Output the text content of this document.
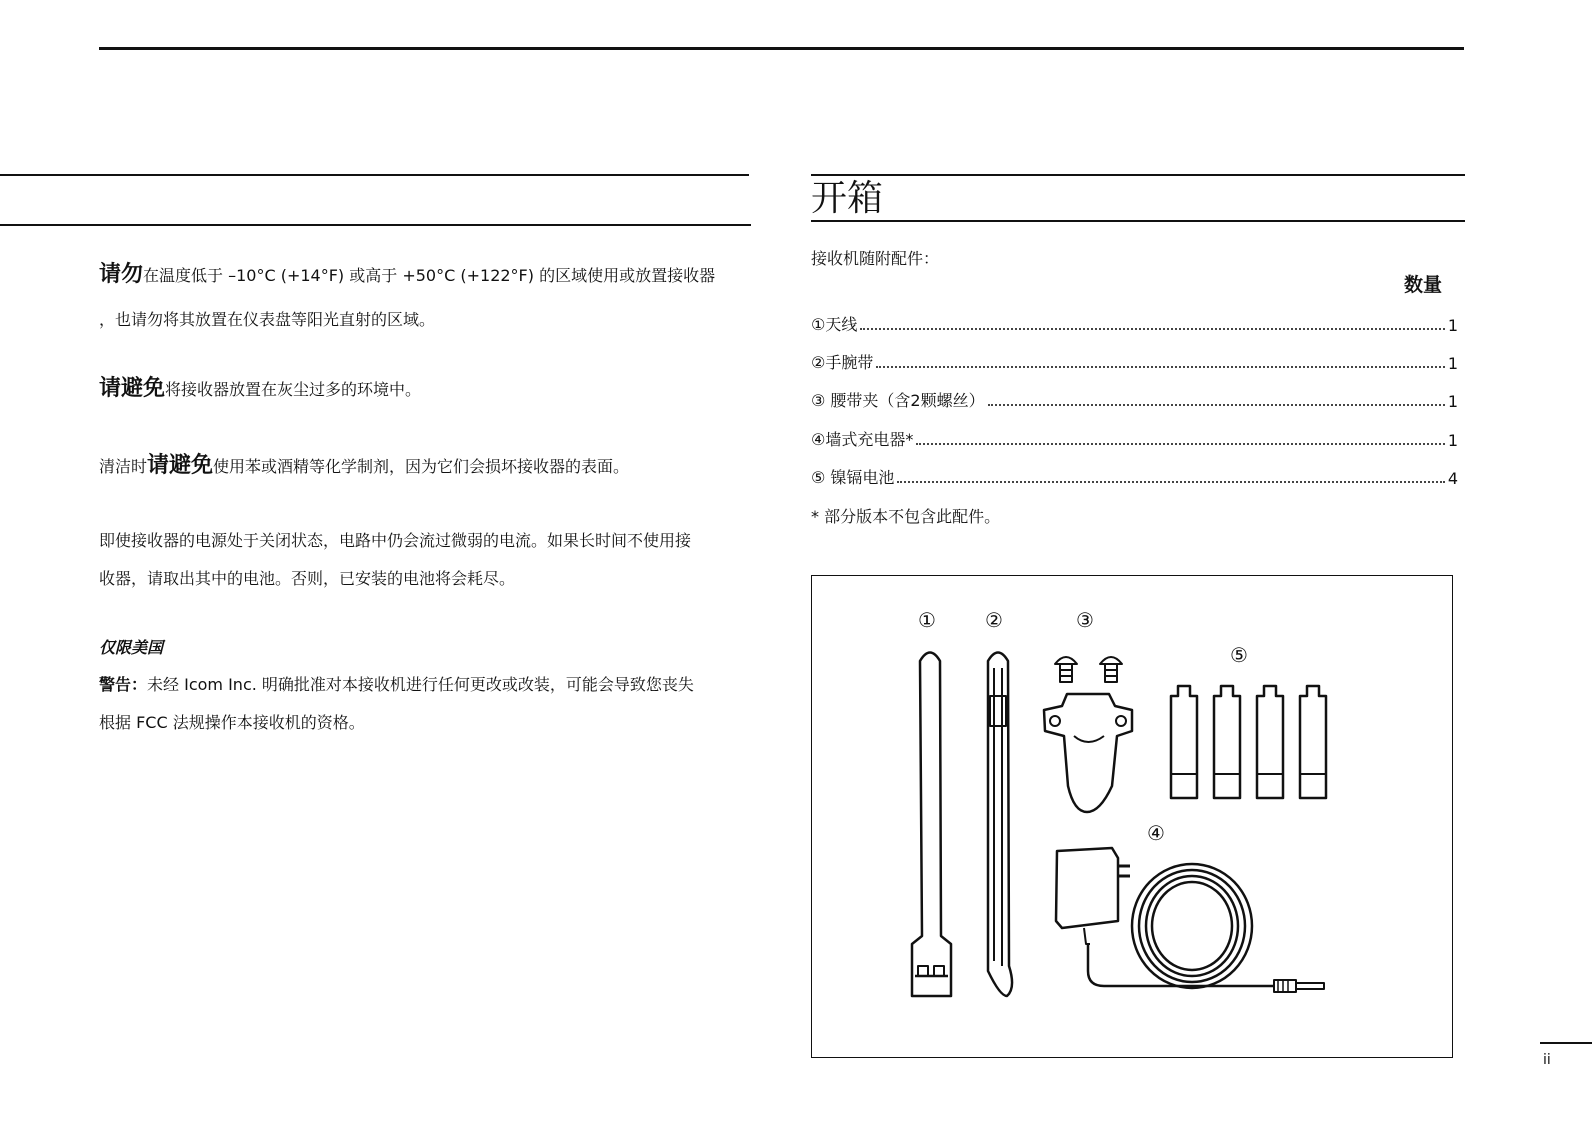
请勿在温度低于 –10°C (+14°F) 或高于 +50°C (+122°F) 的区域使用或放置接收器
，也请勿将其放置在仪表盘等阳光直射的区域。
请避免将接收器放置在灰尘过多的环境中。
清洁时请避免使用苯或酒精等化学制剂，因为它们会损坏接收器的表面。
即使接收器的电源处于关闭状态，电路中仍会流过微弱的电流。如果长时间不使用接
收器，请取出其中的电池。否则，已安装的电池将会耗尽。
仅限美国
警告：未经 Icom Inc. 明确批准对本接收机进行任何更改或改装，可能会导致您丧失
根据 FCC 法规操作本接收机的资格。
开箱
接收机随附配件：
数量
①天线	1
②手腕带	1
③ 腰带夹（含2颗螺丝）	1
④墙式充电器*	1
⑤ 镍镉电池	4
* 部分版本不包含此配件。
① ②	③
④
⑤
ii
